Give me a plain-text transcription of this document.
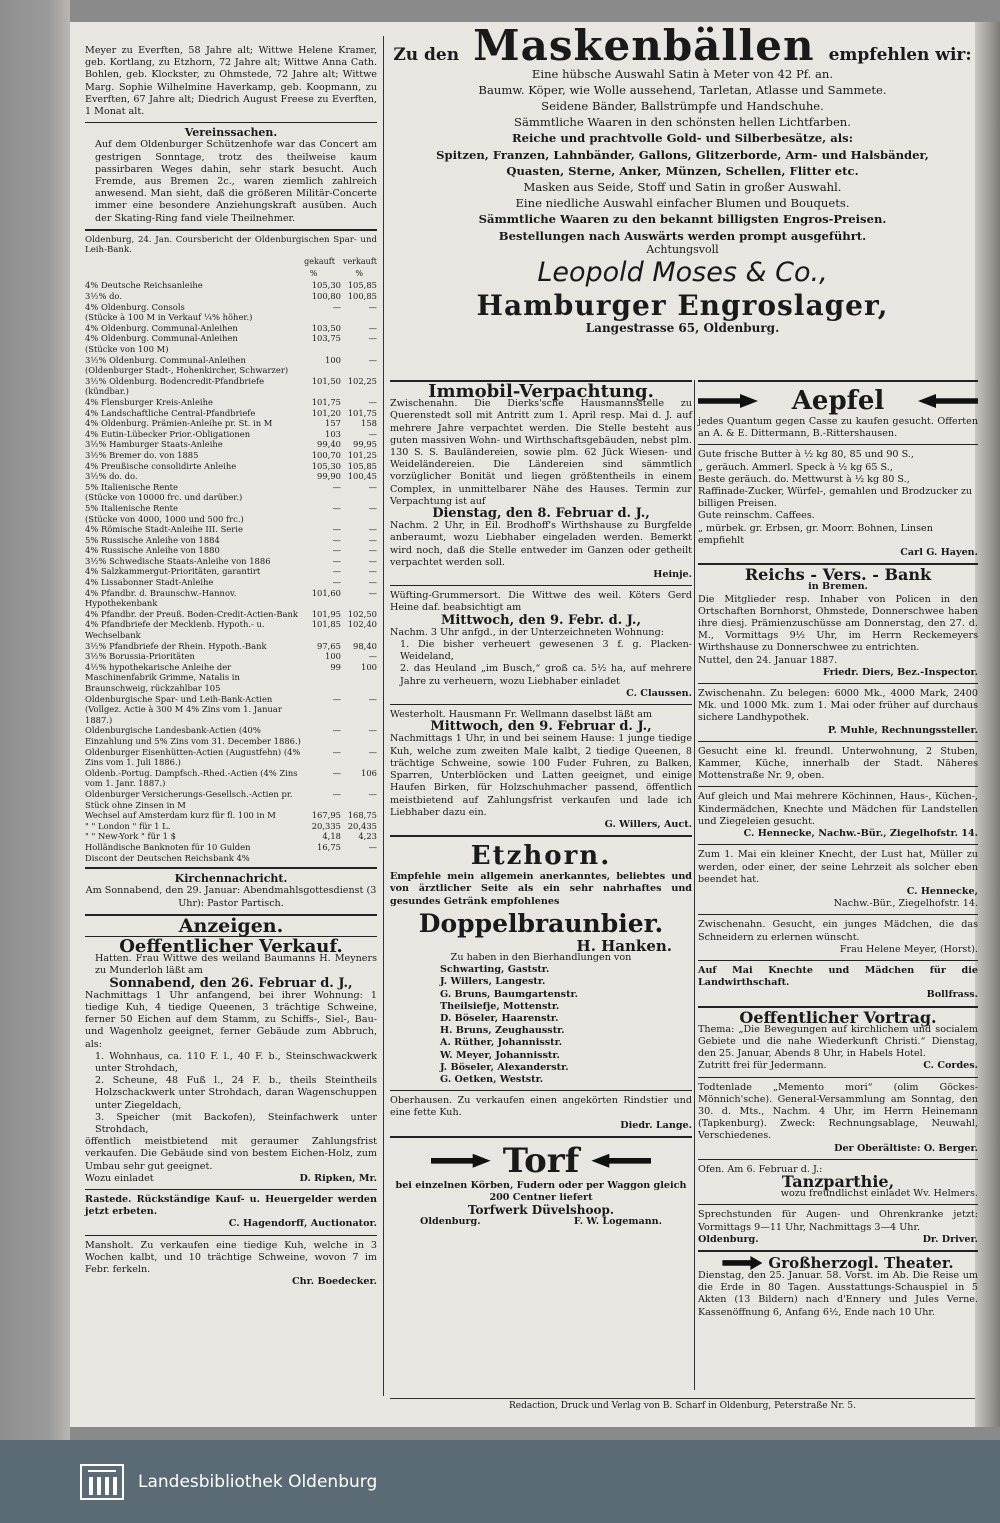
Meyer zu Everften, 58 Jahre alt; Wittwe Helene Kramer, geb. Kortlang, zu Etzhorn, 72 Jahre alt; Wittwe Anna Cath. Bohlen, geb. Klockster, zu Ohmstede, 72 Jahre alt; Wittwe Marg. Sophie Wilhelmine Haverkamp, geb. Koopmann, zu Everften, 67 Jahre alt; Diedrich August Freese zu Everften, 1 Monat alt.

Vereinssachen.

Auf dem Oldenburger Schützenhofe war das Concert am gestrigen Sonntage, trotz des theilweise kaum passirbaren Weges dahin, sehr stark besucht. Auch Fremde, aus Bremen 2c., waren ziemlich zahlreich anwesend. Man sieht, daß die größeren Militär-Concerte immer eine besondere Anziehungskraft ausüben. Auch der Skating-Ring fand viele Theilnehmer.

Oldenburg, 24. Jan. Coursbericht der Oldenburgischen Spar- und Leih-Bank.

gekauft verkauft
%	%
4% Deutsche Reichsanleihe	105,30	105,85
3½% do.	100,80	100,85
4% Oldenburg. Consols	—	—
(Stücke à 100 M in Verkauf ¼% höher.)		
4% Oldenburg. Communal-Anleihen	103,50	—
4% Oldenburg. Communal-Anleihen	103,75	—
(Stücke von 100 M)		
3½% Oldenburg. Communal-Anleihen	100	—
(Oldenburger Stadt-, Hohenkircher, Schwarzer)		
3½% Oldenburg. Bodencredit-Pfandbriefe	101,50	102,25
(kündbar.)		
4% Flensburger Kreis-Anleihe	101,75	—
4% Landschaftliche Central-Pfandbriefe	101,20	101,75
4% Oldenburg. Prämien-Anleihe pr. St. in M	157	158
4% Eutin-Lübecker Prior.-Obligationen	103	—
3½% Hamburger Staats-Anleihe	99,40	99,95
3½% Bremer do. von 1885	100,70	101,25
4% Preußische consolidirte Anleihe	105,30	105,85
3½% do. do.	99,90	100,45
5% Italienische Rente	—	—
(Stücke von 10000 frc. und darüber.)		
5% Italienische Rente	—	—
(Stücke von 4000, 1000 und 500 frc.)		
4% Römische Stadt-Anleihe III. Serie	—	—
5% Russische Anleihe von 1884	—	—
4% Russische Anleihe von 1880	—	—
3½% Schwedische Staats-Anleihe von 1886	—	—
4% Salzkammergut-Prioritäten, garantirt	—	—
4% Lissabonner Stadt-Anleihe	—	—
4% Pfandbr. d. Braunschw.-Hannov. Hypothekenbank	101,60	—
4% Pfandbr. der Preuß. Boden-Credit-Actien-Bank	101,95	102,50
4% Pfandbriefe der Mecklenb. Hypoth.- u. Wechselbank	101,85	102,40
3½% Pfandbriefe der Rhein. Hypoth.-Bank	97,65	98,40
3½% Borussia-Prioritäten	100	—
4½% hypothekarische Anleihe der Maschinenfabrik Grimme, Natalis in Braunschweig, rückzahlbar 105	99	100
Oldenburgische Spar- und Leih-Bank-Actien (Vollgez. Actie à 300 M 4% Zins vom 1. Januar 1887.)	—	—
Oldenburgische Landesbank-Actien (40% Einzahlung und 5% Zins vom 31. December 1886.)	—	—
Oldenburger Eisenhütten-Actien (Augustfehn) (4% Zins vom 1. Juli 1886.)	—	—
Oldenb.-Portug. Dampfsch.-Rhed.-Actien (4% Zins vom 1. Janr. 1887.)	—	106
Oldenburger Versicherungs-Gesellsch.-Actien pr. Stück ohne Zinsen in M	—	—
Wechsel auf Amsterdam kurz für fl. 100 in M	167,95	168,75
" " London " für 1 L.	20,335	20,435
" " New-York " für 1 $	4,18	4,23
Holländische Banknoten für 10 Gulden	16,75	—
Discont der Deutschen Reichsbank 4%		

Kirchennachricht.

Am Sonnabend, den 29. Januar: Abendmahlsgottesdienst (3 Uhr): Pastor Partisch.

Anzeigen.

Oeffentlicher Verkauf.

Hatten. Frau Wittwe des weiland Baumanns H. Meyners zu Munderloh läßt am

Sonnabend, den 26. Februar d. J.,

Nachmittags 1 Uhr anfangend, bei ihrer Wohnung: 1 tiedige Kuh, 4 tiedige Queenen, 3 trächtige Schweine, ferner 50 Eichen auf dem Stamm, zu Schiffs-, Siel-, Bau- und Wagenholz geeignet, ferner Gebäude zum Abbruch, als:

1. Wohnhaus, ca. 110 F. l., 40 F. b., Steinschwackwerk unter Strohdach,

2. Scheune, 48 Fuß l., 24 F. b., theils Steintheils Holzschackwerk unter Strohdach, daran Wagenschuppen unter Ziegeldach,

3. Speicher (mit Backofen), Steinfachwerk unter Strohdach,

öffentlich meistbietend mit geraumer Zahlungsfrist verkaufen. Die Gebäude sind von bestem Eichen-Holz, zum Umbau sehr gut geeignet.

Wozu einladet	D. Ripken, Mr.

Rastede. Rückständige Kauf- u. Heuergelder werden jetzt erbeten.

C. Hagendorff, Auctionator.

Mansholt. Zu verkaufen eine tiedige Kuh, welche in 3 Wochen kalbt, und 10 trächtige Schweine, wovon 7 im Febr. ferkeln.

Chr. Boedecker.

Zu den Maskenbällen empfehlen wir:

Eine hübsche Auswahl Satin à Meter von 42 Pf. an.

Baumw. Köper, wie Wolle aussehend, Tarletan, Atlasse und Sammete.

Seidene Bänder, Ballstrümpfe und Handschuhe.

Sämmtliche Waaren in den schönsten hellen Lichtfarben.

Reiche und prachtvolle Gold- und Silberbesätze, als:

Spitzen, Franzen, Lahnbänder, Gallons, Glitzerborde, Arm- und Halsbänder,

Quasten, Sterne, Anker, Münzen, Schellen, Flitter etc.

Masken aus Seide, Stoff und Satin in großer Auswahl.

Eine niedliche Auswahl einfacher Blumen und Bouquets.

Sämmtliche Waaren zu den bekannt billigsten Engros-Preisen.

Bestellungen nach Auswärts werden prompt ausgeführt.

Achtungsvoll

Leopold Moses & Co.,

Hamburger Engroslager,

Langestrasse 65, Oldenburg.

Immobil-Verpachtung.

Zwischenahn. Die Dierks'sche Hausmannsstelle zu Querenstedt soll mit Antritt zum 1. April resp. Mai d. J. auf mehrere Jahre verpachtet werden. Die Stelle besteht aus guten massiven Wohn- und Wirthschaftsgebäuden, nebst plm. 130 S. S. Bauländereien, sowie plm. 62 Jück Wiesen- und Weideländereien. Die Ländereien sind sämmtlich vorzüglicher Bonität und liegen größtentheils in einem Complex, in unmittelbarer Nähe des Hauses. Termin zur Verpachtung ist auf

Dienstag, den 8. Februar d. J.,

Nachm. 2 Uhr, in Eil. Brodhoff's Wirthshause zu Burgfelde anberaumt, wozu Liebhaber eingeladen werden. Bemerkt wird noch, daß die Stelle entweder im Ganzen oder getheilt verpachtet werden soll.

Heinje.

Wüfting-Grummersort. Die Wittwe des weil. Köters Gerd Heine daf. beabsichtigt am

Mittwoch, den 9. Febr. d. J.,

Nachm. 3 Uhr anfgd., in der Unterzeichneten Wohnung:

1. Die bisher verheuert gewesenen 3 f. g. Placken-Weideland,

2. das Heuland „im Busch,“ groß ca. 5½ ha, auf mehrere Jahre zu verheuern, wozu Liebhaber einladet

C. Claussen.

Westerholt. Hausmann Fr. Wellmann daselbst läßt am

Mittwoch, den 9. Februar d. J.,

Nachmittags 1 Uhr, in und bei seinem Hause: 1 junge tiedige Kuh, welche zum zweiten Male kalbt, 2 tiedige Queenen, 8 trächtige Schweine, sowie 100 Fuder Fuhren, zu Balken, Sparren, Unterblöcken und Latten geeignet, und einige Haufen Birken, für Holzschuhmacher passend, öffentlich meistbietend auf Zahlungsfrist verkaufen und lade ich Liebhaber dazu ein.

G. Willers, Auct.

Etzhorn.

Empfehle mein allgemein anerkanntes, beliebtes und von ärztlicher Seite als ein sehr nahrhaftes und gesundes Getränk empfohlenes

Doppelbraunbier.

H. Hanken.

Zu haben in den Bierhandlungen von

Schwarting, Gaststr.

J. Willers, Langestr.

G. Bruns, Baumgartenstr.

Theilsiefje, Mottenstr.

D. Böseler, Haarenstr.

H. Bruns, Zeughausstr.

A. Rüther, Johannisstr.

W. Meyer, Johannisstr.

J. Böseler, Alexanderstr.

G. Oetken, Weststr.

Oberhausen. Zu verkaufen einen angekörten Rindstier und eine fette Kuh.

Diedr. Lange.

Torf

bei einzelnen Körben, Fudern oder per Waggon gleich 200 Centner liefert

Torfwerk Düvelshoop.

Oldenburg.	F. W. Logemann.
Aepfel

jedes Quantum gegen Casse zu kaufen gesucht. Offerten an A. & E. Dittermann, B.-Rittershausen.

Gute frische Butter à ½ kg 80, 85 und 90 S.,

„ geräuch. Ammerl. Speck à ½ kg 65 S.,

Beste geräuch. do. Mettwurst à ½ kg 80 S.,

Raffinade-Zucker, Würfel-, gemahlen und Brodzucker zu billigen Preisen.

Gute reinschm. Caffees.

„ mürbek. gr. Erbsen, gr. Moorr. Bohnen, Linsen empfiehlt

Carl G. Hayen.

Reichs - Vers. - Bank

in Bremen.

Die Mitglieder resp. Inhaber von Policen in den Ortschaften Bornhorst, Ohmstede, Donnerschwee haben ihre diesj. Prämienzuschüsse am Donnerstag, den 27. d. M., Vormittags 9½ Uhr, im Herrn Reckemeyers Wirthshause zu Donnerschwee zu entrichten.

Nuttel, den 24. Januar 1887.

Friedr. Diers, Bez.-Inspector.

Zwischenahn. Zu belegen: 6000 Mk., 4000 Mark, 2400 Mk. und 1000 Mk. zum 1. Mai oder früher auf durchaus sichere Landhypothek.

P. Muhle, Rechnungssteller.

Gesucht eine kl. freundl. Unterwohnung, 2 Stuben, Kammer, Küche, innerhalb der Stadt. Näheres Mottenstraße Nr. 9, oben.

Auf gleich und Mai mehrere Köchinnen, Haus-, Küchen-, Kindermädchen, Knechte und Mädchen für Landstellen und Ziegeleien gesucht.

C. Hennecke, Nachw.-Bür., Ziegelhofstr. 14.

Zum 1. Mai ein kleiner Knecht, der Lust hat, Müller zu werden, oder einer, der seine Lehrzeit als solcher eben beendet hat.

C. Hennecke,

Nachw.-Bür., Ziegelhofstr. 14.

Zwischenahn. Gesucht, ein junges Mädchen, die das Schneidern zu erlernen wünscht.

Frau Helene Meyer, (Horst).

Auf Mai Knechte und Mädchen für die Landwirthschaft.

Bollfrass.

Oeffentlicher Vortrag.

Thema: „Die Bewegungen auf kirchlichem und socialem Gebiete und die nahe Wiederkunft Christi.“ Dienstag, den 25. Januar, Abends 8 Uhr, in Habels Hotel.

Zutritt frei für Jedermann.	C. Cordes.

Todtenlade „Memento mori“ (olim Göckes-Mönnich'sche). General-Versammlung am Sonntag, den 30. d. Mts., Nachm. 4 Uhr, im Herrn Heinemann (Tapkenburg). Zweck: Rechnungsablage, Neuwahl, Verschiedenes.

Der Oberältiste: O. Berger.

Ofen. Am 6. Februar d. J.:

Tanzparthie,

wozu freundlichst einladet Wv. Helmers.

Sprechstunden für Augen- und Ohrenkranke jetzt: Vormittags 9—11 Uhr, Nachmittags 3—4 Uhr.

Oldenburg.	Dr. Driver.
Großherzogl. Theater.

Dienstag, den 25. Januar. 58. Vorst. im Ab. Die Reise um die Erde in 80 Tagen. Ausstattungs-Schauspiel in 5 Akten (13 Bildern) nach d'Ennery und Jules Verne. Kassenöffnung 6, Anfang 6½, Ende nach 10 Uhr.

Redaction, Druck und Verlag von B. Scharf in Oldenburg, Peterstraße Nr. 5.

Landesbibliothek Oldenburg
